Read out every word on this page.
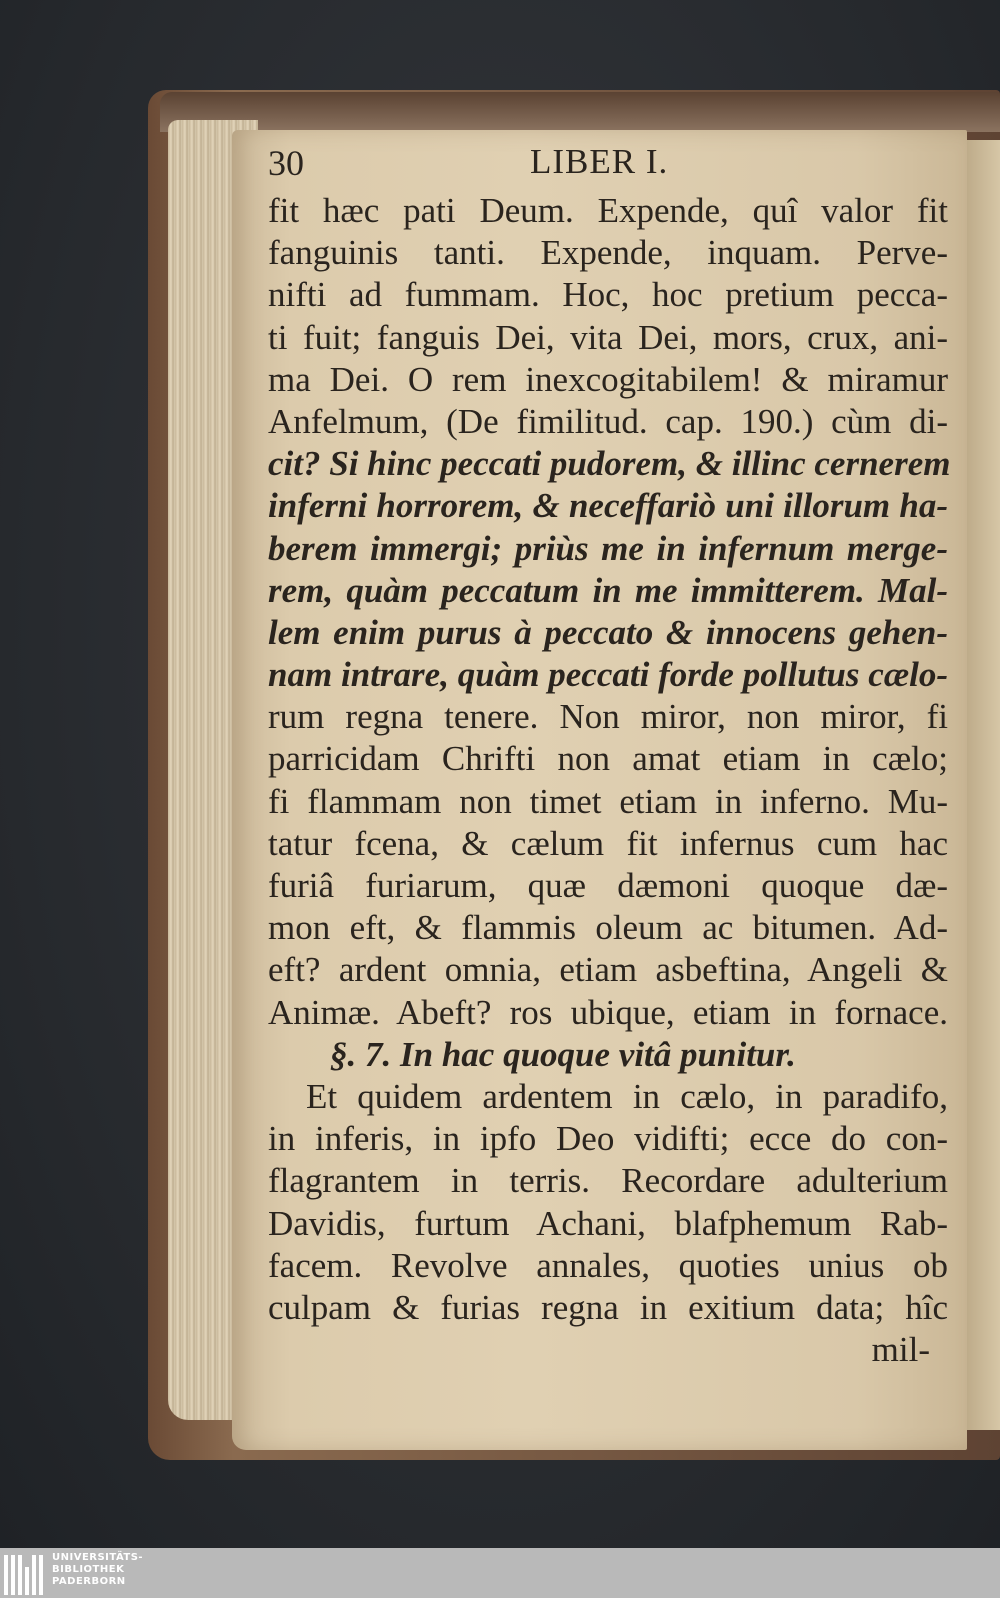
30	LIBER I.
fit hæc pati Deum. Expende, quî valor fit
fanguinis tanti. Expende, inquam. Perve-
nifti ad fummam. Hoc, hoc pretium pecca-
ti fuit; fanguis Dei, vita Dei, mors, crux, ani-
ma Dei. O rem inexcogitabilem! & miramur
Anfelmum, (De fimilitud. cap. 190.) cùm di-
cit? Si hinc peccati pudorem, & illinc cernerem
inferni horrorem, & neceffariò uni illorum ha-
berem immergi; priùs me in infernum merge-
rem, quàm peccatum in me immitterem. Mal-
lem enim purus à peccato & innocens gehen-
nam intrare, quàm peccati forde pollutus cælo-
rum regna tenere. Non miror, non miror, fi
parricidam Chrifti non amat etiam in cælo;
fi flammam non timet etiam in inferno. Mu-
tatur fcena, & cælum fit infernus cum hac
furiâ furiarum, quæ dæmoni quoque dæ-
mon eft, & flammis oleum ac bitumen. Ad-
eft? ardent omnia, etiam asbeftina, Angeli &
Animæ. Abeft? ros ubique, etiam in fornace.
§. 7. In hac quoque vitâ punitur.
Et quidem ardentem in cælo, in paradifo,
in inferis, in ipfo Deo vidifti; ecce do con-
flagrantem in terris. Recordare adulterium
Davidis, furtum Achani, blafphemum Rab-
facem. Revolve annales, quoties unius ob
culpam & furias regna in exitium data; hîc
mil-
UNIVERSITÄTS-
BIBLIOTHEK
PADERBORN
